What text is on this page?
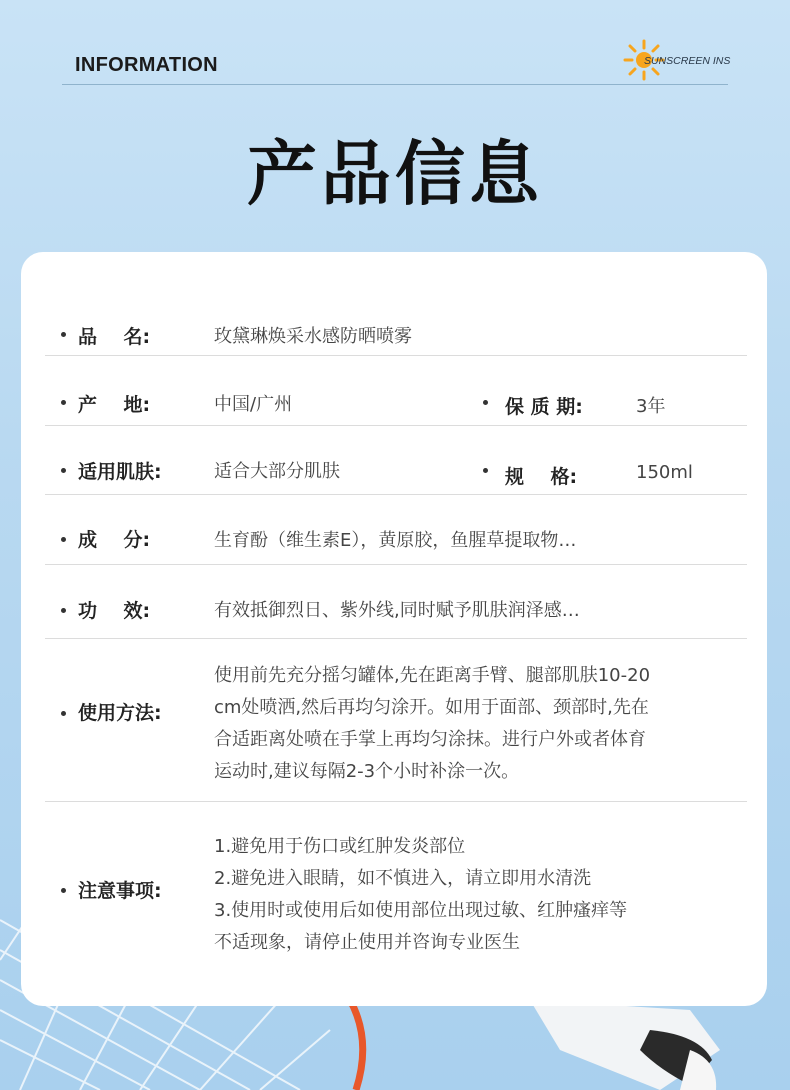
INFORMATION	SUNSCREEN INS
产品信息
品    名:	玫黛琳焕采水感防晒喷雾
产    地:	中国/广州	保 质 期:	3年
适用肌肤:	适合大部分肌肤	规    格:	150ml
成    分:	生育酚（维生素E），黄原胶，鱼腥草提取物…
功    效:	有效抵御烈日、紫外线,同时赋予肌肤润泽感…
使用方法:
使用前先充分摇匀罐体,先在距离手臂、腿部肌肤10-20
cm处喷洒,然后再均匀涂开。如用于面部、颈部时,先在
合适距离处喷在手掌上再均匀涂抹。进行户外或者体育
运动时,建议每隔2-3个小时补涂一次。
注意事项:
1.避免用于伤口或红肿发炎部位
2.避免进入眼睛，如不慎进入，请立即用水清洗
3.使用时或使用后如使用部位出现过敏、红肿瘙痒等
不适现象，请停止使用并咨询专业医生
